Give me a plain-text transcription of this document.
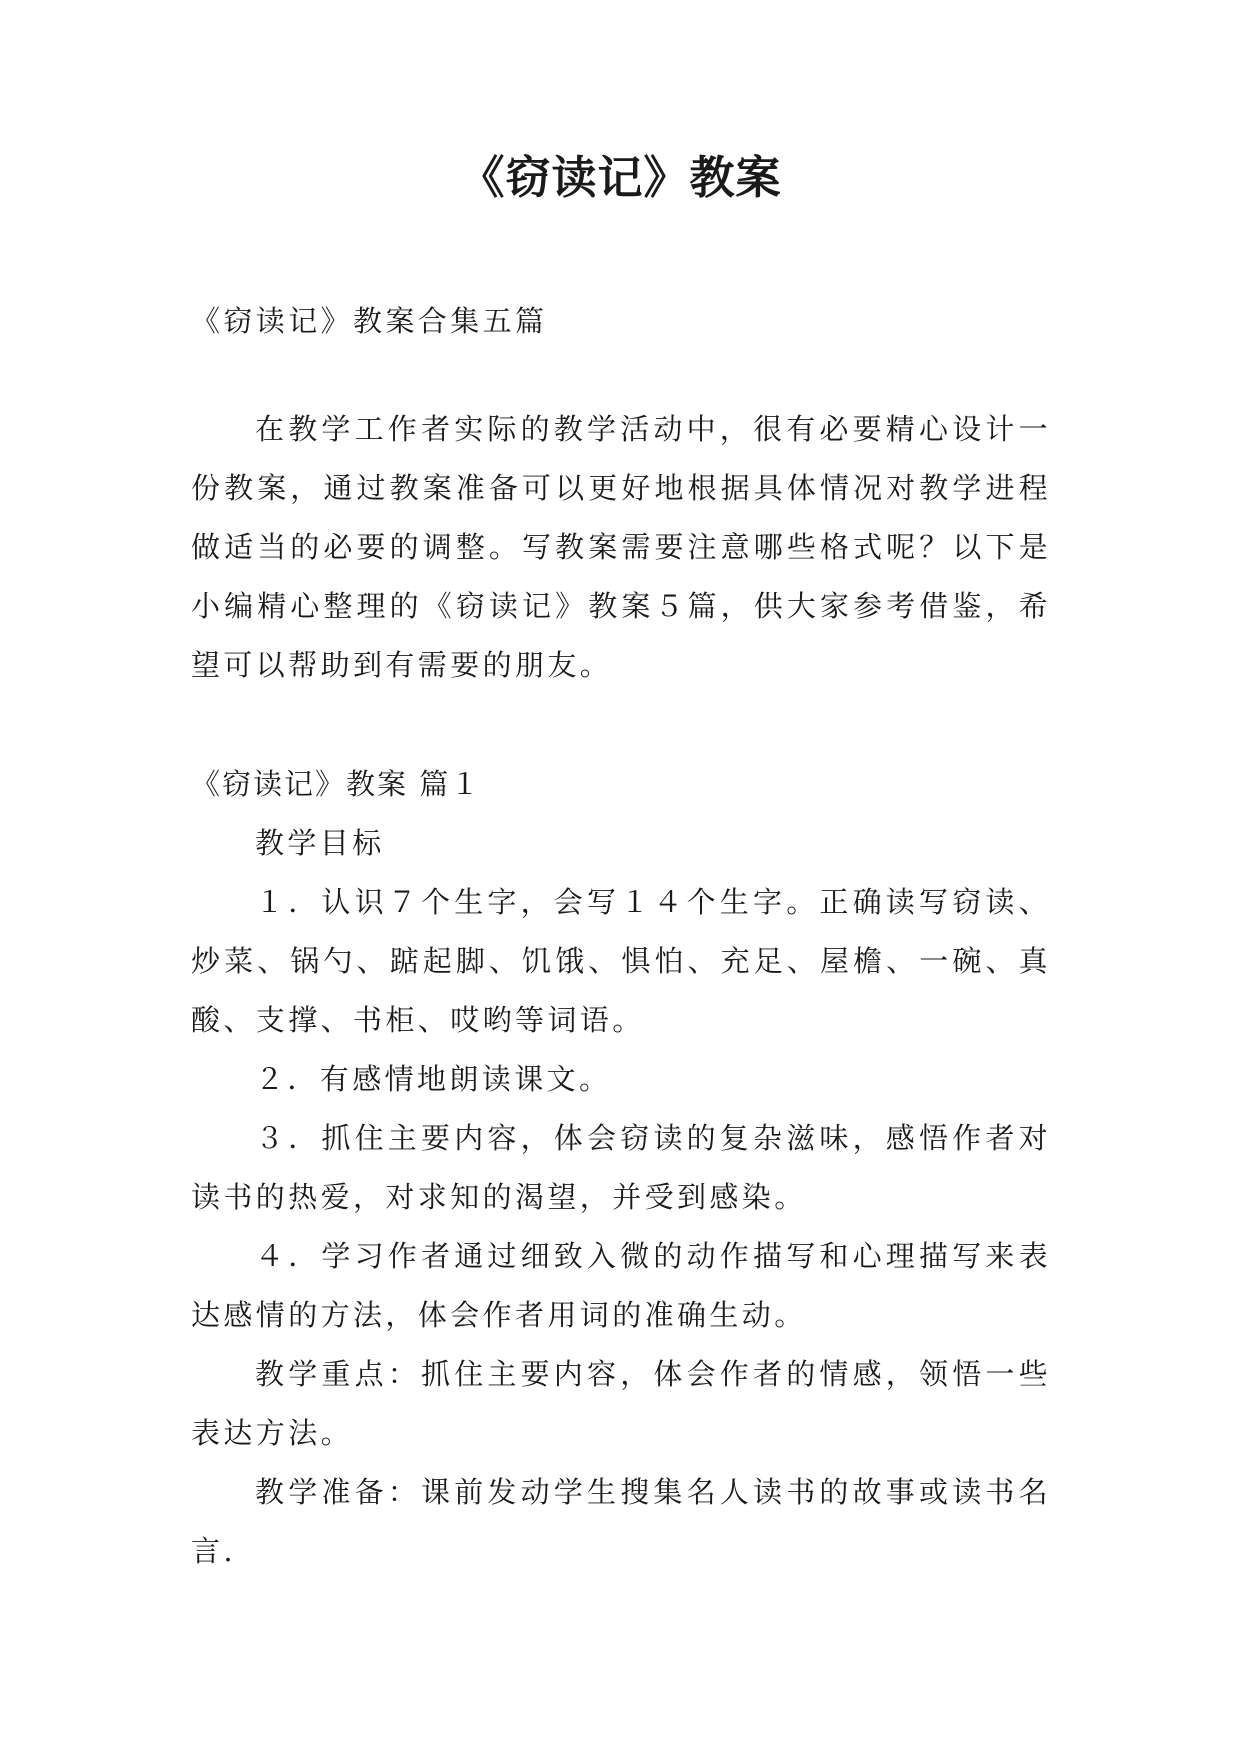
《窃读记》教案

《窃读记》教案合集五篇

在教学工作者实际的教学活动中，很有必要精心设计一份教案，通过教案准备可以更好地根据具体情况对教学进程做适当的必要的调整。写教案需要注意哪些格式呢？以下是小编精心整理的《窃读记》教案５篇，供大家参考借鉴，希望可以帮助到有需要的朋友。

《窃读记》教案 篇１

教学目标

１．认识７个生字，会写１４个生字。正确读写窃读、炒菜、锅勺、踮起脚、饥饿、惧怕、充足、屋檐、一碗、真酸、支撑、书柜、哎哟等词语。

２．有感情地朗读课文。

３．抓住主要内容，体会窃读的复杂滋味，感悟作者对读书的热爱，对求知的渴望，并受到感染。

４．学习作者通过细致入微的动作描写和心理描写来表达感情的方法，体会作者用词的准确生动。

教学重点：抓住主要内容，体会作者的情感，领悟一些表达方法。

教学准备：课前发动学生搜集名人读书的故事或读书名言.
